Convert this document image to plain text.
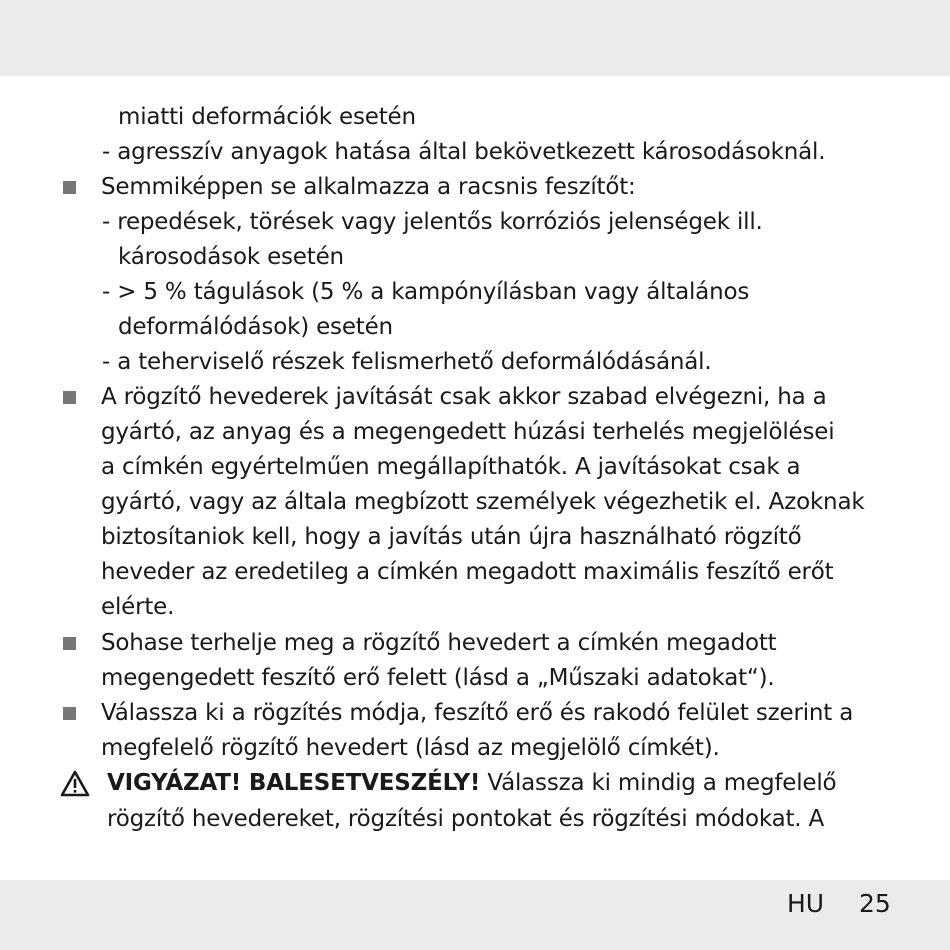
miatti deformációk esetén
- agresszív anyagok hatása által bekövetkezett károsodásoknál.
Semmiképpen se alkalmazza a racsnis feszítőt:
- repedések, törések vagy jelentős korróziós jelenségek ill.
károsodások esetén
- > 5 % tágulások (5 % a kampónyílásban vagy általános
deformálódások) esetén
- a teherviselő részek felismerhető deformálódásánál.
A rögzítő hevederek javítását csak akkor szabad elvégezni, ha a
gyártó, az anyag és a megengedett húzási terhelés megjelölései
a címkén egyértelműen megállapíthatók. A javításokat csak a
gyártó, vagy az általa megbízott személyek végezhetik el. Azoknak
biztosítaniok kell, hogy a javítás után újra használható rögzítő
heveder az eredetileg a címkén megadott maximális feszítő erőt
elérte.
Sohase terhelje meg a rögzítő hevedert a címkén megadott
megengedett feszítő erő felett (lásd a „Műszaki adatokat“).
Válassza ki a rögzítés módja, feszítő erő és rakodó felület szerint a
megfelelő rögzítő hevedert (lásd az megjelölő címkét).
VIGYÁZAT! BALESETVESZÉLY! Válassza ki mindig a megfelelő
rögzítő hevedereket, rögzítési pontokat és rögzítési módokat. A
HU 25
